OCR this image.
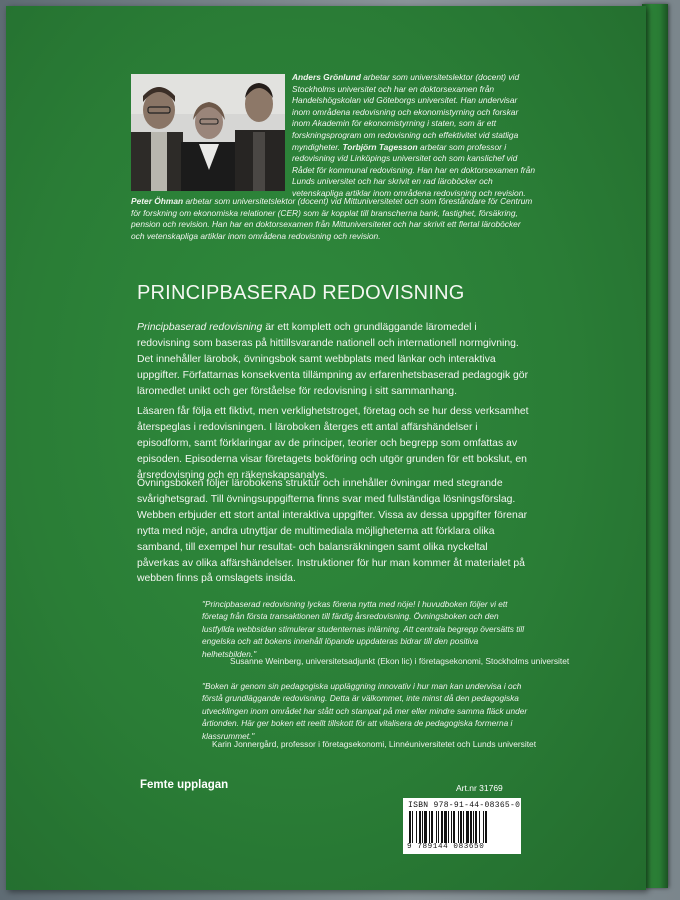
Anders Grönlund arbetar som universitetslektor (docent) vid Stockholms universitet och har en doktorsexamen från Handelshögskolan vid Göteborgs universitet. Han undervisar inom områdena redovisning och ekonomistyrning och forskar inom Akademin för ekonomistyrning i staten, som är ett forskningsprogram om redovisning och effektivitet vid statliga myndigheter. Torbjörn Tagesson arbetar som professor i redovisning vid Linköpings universitet och som kanslichef vid Rådet för kommunal redovisning. Han har en doktorsexamen från Lunds universitet och har skrivit en rad läroböcker och vetenskapliga artiklar inom områdena redovisning och revision.

Peter Öhman arbetar som universitetslektor (docent) vid Mittuniversitetet och som föreståndare för Centrum för forskning om ekonomiska relationer (CER) som är kopplat till branscherna bank, fastighet, försäkring, pension och revision. Han har en doktorsexamen från Mittuniversitetet och har skrivit ett flertal läroböcker och vetenskapliga artiklar inom områdena redovisning och revision.

PRINCIPBASERAD REDOVISNING

Principbaserad redovisning är ett komplett och grundläggande läromedel i redovisning som baseras på hittillsvarande nationell och internationell normgivning. Det innehåller lärobok, övningsbok samt webbplats med länkar och interaktiva uppgifter. Författarnas konsekventa tillämpning av erfarenhetsbaserad pedagogik gör läromedlet unikt och ger förståelse för redovisning i sitt sammanhang.

Läsaren får följa ett fiktivt, men verklighetstroget, företag och se hur dess verksamhet återspeglas i redovisningen. I läroboken återges ett antal affärshändelser i episodform, samt förklaringar av de principer, teorier och begrepp som omfattas av episoden. Episoderna visar företagets bokföring och utgör grunden för ett bokslut, en årsredovisning och en räkenskapsanalys.

Övningsboken följer lärobokens struktur och innehåller övningar med stegrande svårighetsgrad. Till övningsuppgifterna finns svar med fullständiga lösningsförslag. Webben erbjuder ett stort antal interaktiva uppgifter. Vissa av dessa uppgifter förenar nytta med nöje, andra utnyttjar de multimediala möjligheterna att förklara olika samband, till exempel hur resultat- och balansräkningen samt olika nyckeltal påverkas av olika affärshändelser. Instruktioner för hur man kommer åt materialet på webben finns på omslagets insida.

"Principbaserad redovisning lyckas förena nytta med nöje! I huvudboken följer vi ett företag från första transaktionen till färdig årsredovisning. Övningsboken och den lustfyllda webbsidan stimulerar studenternas inlärning. Att centrala begrepp översätts till engelska och att bokens innehåll löpande uppdateras bidrar till den positiva helhetsbilden."

Susanne Weinberg, universitetsadjunkt (Ekon lic) i företagsekonomi, Stockholms universitet

"Boken är genom sin pedagogiska uppläggning innovativ i hur man kan undervisa i och förstå grundläggande redovisning. Detta är välkommet, inte minst då den pedagogiska utvecklingen inom området har stått och stampat på mer eller mindre samma fläck under årtionden. Här ger boken ett reellt tillskott för att vitalisera de pedagogiska formerna i klassrummet."

Karin Jonnergård, professor i företagsekonomi, Linnéuniversitetet och Lunds universitet

Femte upplagan	Art.nr 31769

ISBN 978-91-44-08365-0

9 789144 083650
